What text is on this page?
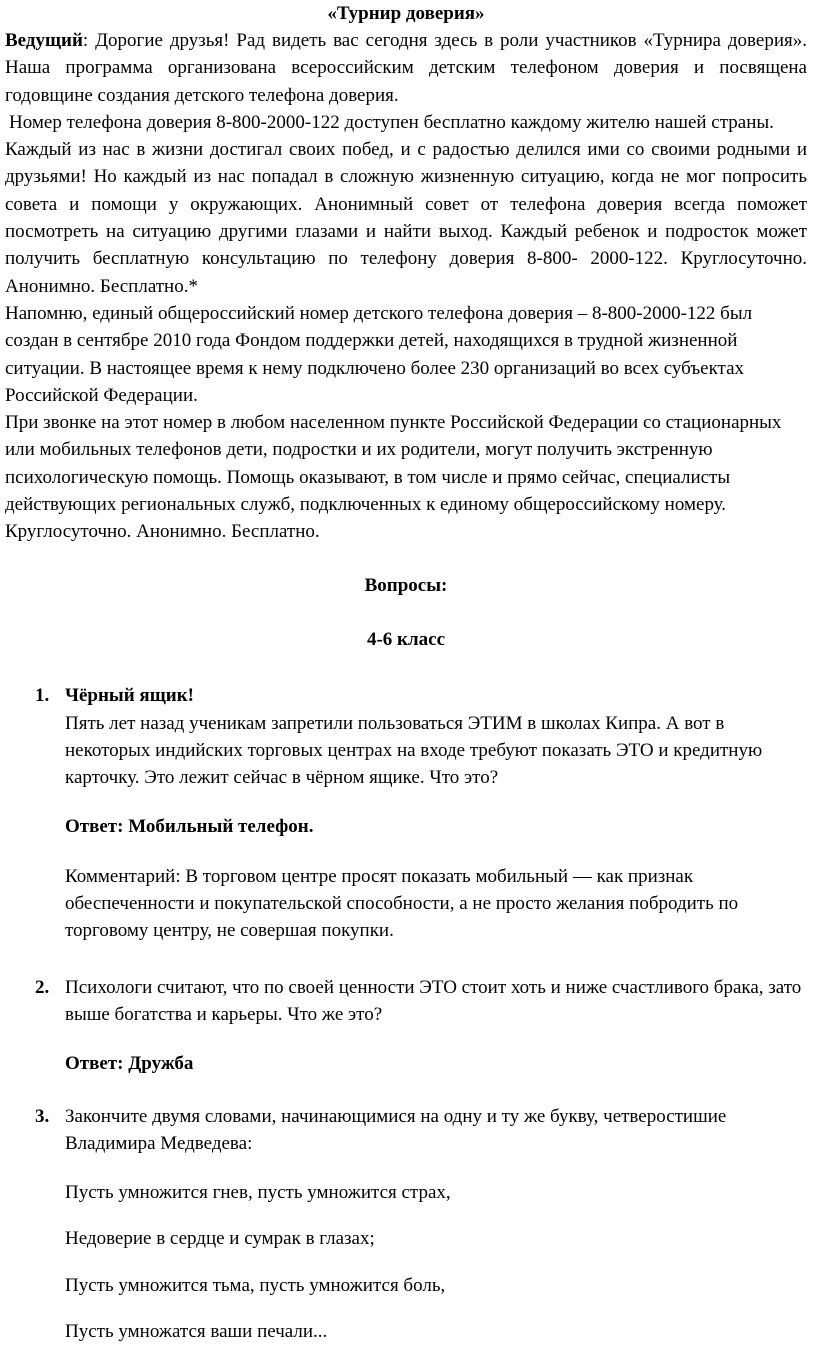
«Турнир доверия»

Ведущий: Дорогие друзья! Рад видеть вас сегодня здесь в роли участников «Турнира доверия». Наша программа организована всероссийским детским телефоном доверия и посвящена годовщине создания детского телефона доверия.

Номер телефона доверия 8-800-2000-122 доступен бесплатно каждому жителю нашей страны.

Каждый из нас в жизни достигал своих побед, и с радостью делился ими со своими родными и друзьями! Но каждый из нас попадал в сложную жизненную ситуацию, когда не мог попросить совета и помощи у окружающих. Анонимный совет от телефона доверия всегда поможет посмотреть на ситуацию другими глазами и найти выход. Каждый ребенок и подросток может получить бесплатную консультацию по телефону доверия 8-800- 2000-122. Круглосуточно. Анонимно. Бесплатно.*

Напомню, единый общероссийский номер детского телефона доверия – 8-800-2000-122 был создан в сентябре 2010 года Фондом поддержки детей, находящихся в трудной жизненной ситуации. В настоящее время к нему подключено более 230 организаций во всех субъектах Российской Федерации.

При звонке на этот номер в любом населенном пункте Российской Федерации со стационарных или мобильных телефонов дети, подростки и их родители, могут получить экстренную психологическую помощь. Помощь оказывают, в том числе и прямо сейчас, специалисты действующих региональных служб, подключенных к единому общероссийскому номеру. Круглосуточно. Анонимно. Бесплатно.

Вопросы:

4-6 класс

1. Чёрный ящик!

Пять лет назад ученикам запретили пользоваться ЭТИМ в школах Кипра. А вот в некоторых индийских торговых центрах на входе требуют показать ЭТО и кредитную карточку. Это лежит сейчас в чёрном ящике. Что это?

Ответ: Мобильный телефон.

Комментарий: В торговом центре просят показать мобильный — как признак обеспеченности и покупательской способности, а не просто желания побродить по торговому центру, не совершая покупки.

2. Психологи считают, что по своей ценности ЭТО стоит хоть и ниже счастливого брака, зато выше богатства и карьеры. Что же это?

Ответ: Дружба

3. Закончите двумя словами, начинающимися на одну и ту же букву, четверостишие Владимира Медведева:

Пусть умножится гнев, пусть умножится страх,

Недоверие в сердце и сумрак в глазах;

Пусть умножится тьма, пусть умножится боль,

Пусть умножатся ваши печали...
